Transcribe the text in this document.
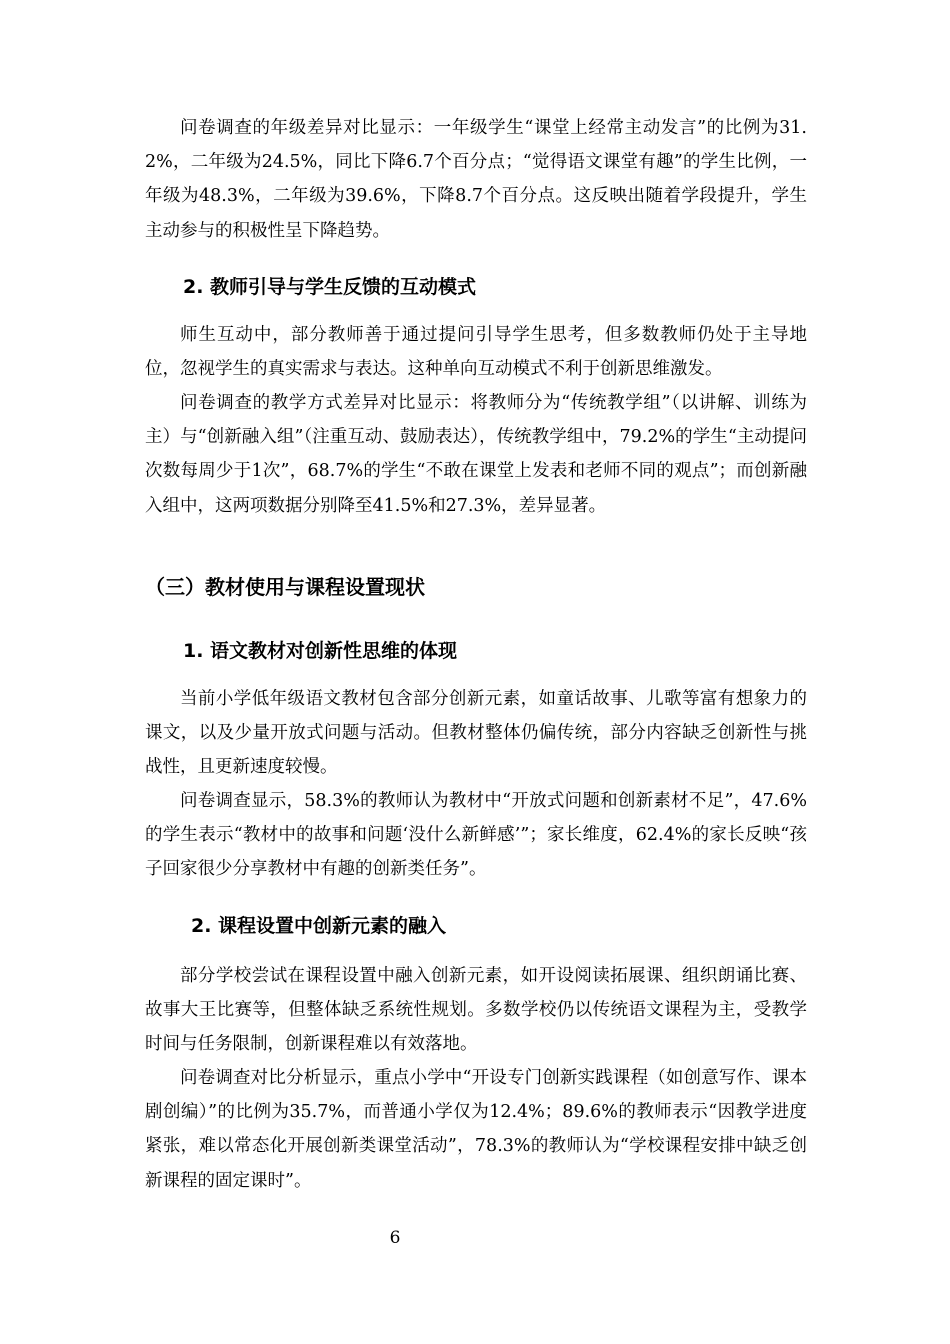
问卷调查的年级差异对比显示：一年级学生“课堂上经常主动发言”的比例为31.2%，二年级为24.5%，同比下降6.7个百分点；“觉得语文课堂有趣”的学生比例，一年级为48.3%，二年级为39.6%，下降8.7个百分点。这反映出随着学段提升，学生主动参与的积极性呈下降趋势。

2. 教师引导与学生反馈的互动模式

师生互动中，部分教师善于通过提问引导学生思考，但多数教师仍处于主导地位，忽视学生的真实需求与表达。这种单向互动模式不利于创新思维激发。

问卷调查的教学方式差异对比显示：将教师分为“传统教学组”（以讲解、训练为主）与“创新融入组”（注重互动、鼓励表达），传统教学组中，79.2%的学生“主动提问次数每周少于1次”，68.7%的学生“不敢在课堂上发表和老师不同的观点”；而创新融入组中，这两项数据分别降至41.5%和27.3%，差异显著。

（三）教材使用与课程设置现状
1. 语文教材对创新性思维的体现

当前小学低年级语文教材包含部分创新元素，如童话故事、儿歌等富有想象力的课文，以及少量开放式问题与活动。但教材整体仍偏传统，部分内容缺乏创新性与挑战性，且更新速度较慢。

问卷调查显示，58.3%的教师认为教材中“开放式问题和创新素材不足”，47.6%的学生表示“教材中的故事和问题‘没什么新鲜感’”；家长维度，62.4%的家长反映“孩子回家很少分享教材中有趣的创新类任务”。

2. 课程设置中创新元素的融入

部分学校尝试在课程设置中融入创新元素，如开设阅读拓展课、组织朗诵比赛、故事大王比赛等，但整体缺乏系统性规划。多数学校仍以传统语文课程为主，受教学时间与任务限制，创新课程难以有效落地。

问卷调查对比分析显示，重点小学中“开设专门创新实践课程（如创意写作、课本剧创编）”的比例为35.7%，而普通小学仅为12.4%；89.6%的教师表示“因教学进度紧张，难以常态化开展创新类课堂活动”，78.3%的教师认为“学校课程安排中缺乏创新课程的固定课时”。

6
